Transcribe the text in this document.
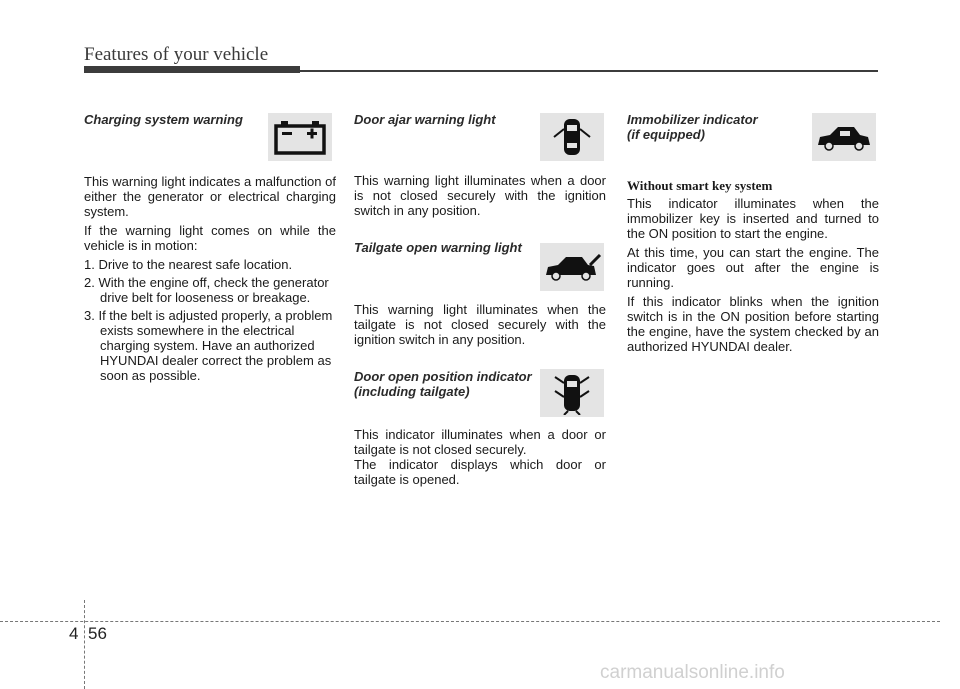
Features of your vehicle
Charging system warning

This warning light indicates a malfunction of either the generator or electrical charging system.

If the warning light comes on while the vehicle is in motion:

1. Drive to the nearest safe location.
2. With the engine off, check the generator drive belt for looseness or breakage.
3. If the belt is adjusted properly, a problem exists somewhere in the electrical charging system. Have an authorized HYUNDAI dealer correct the problem as soon as possible.
Door ajar warning light

This warning light illuminates when a door is not closed securely with the ignition switch in any position.

Tailgate open warning light

This warning light illuminates when the tailgate is not closed securely with the ignition switch in any position.

Door open position indicator
(including tailgate)

This indicator illuminates when a door or tailgate is not closed securely.

The indicator displays which door or tailgate is opened.

Immobilizer indicator
(if equipped)
Without smart key system

This indicator illuminates when the immobilizer key is inserted and turned to the ON position to start the engine.

At this time, you can start the engine. The indicator goes out after the engine is running.

If this indicator blinks when the ignition switch is in the ON position before starting the engine, have the system checked by an authorized HYUNDAI dealer.

4 56
carmanualsonline.info
